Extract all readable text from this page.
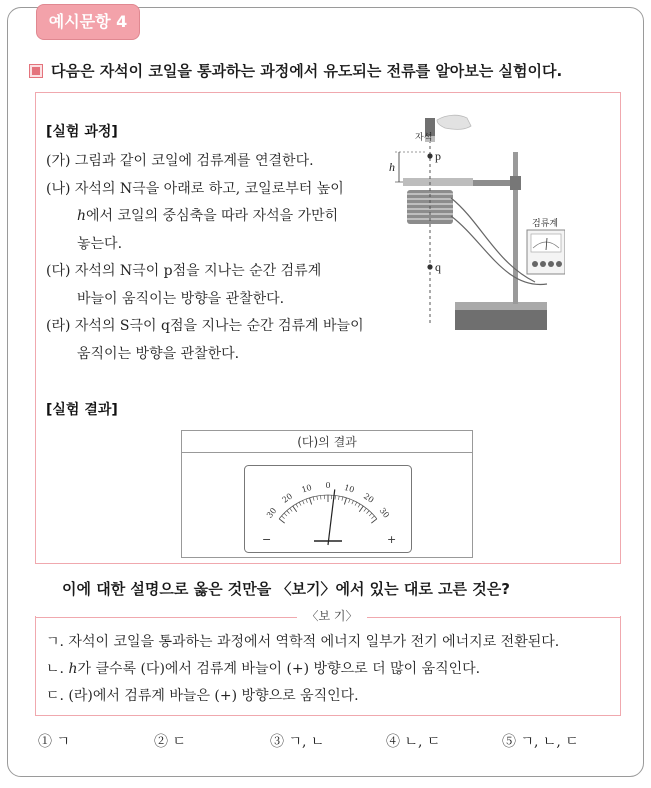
예시문항 4
다음은 자석이 코일을 통과하는 과정에서 유도되는 전류를 알아보는 실험이다.
[실험 과정]
(가) 그림과 같이 코일에 검류계를 연결한다.
(나) 자석의 N극을 아래로 하고, 코일로부터 높이
h에서 코일의 중심축을 따라 자석을 가만히
놓는다.
(다) 자석의 N극이 p점을 지나는 순간 검류계
바늘이 움직이는 방향을 관찰한다.
(라) 자석의 S극이 q점을 지나는 순간 검류계 바늘이
움직이는 방향을 관찰한다.
p
q
자석
h
검류계
[실험 결과]
(다)의 결과
30
20
10 0 10
20
30
−	+
이에 대한 설명으로 옳은 것만을 〈보기〉에서 있는 대로 고른 것은?
〈보 기〉
ㄱ. 자석이 코일을 통과하는 과정에서 역학적 에너지 일부가 전기 에너지로 전환된다.
ㄴ. h가 클수록 (다)에서 검류계 바늘이 (+) 방향으로 더 많이 움직인다.
ㄷ. (라)에서 검류계 바늘은 (+) 방향으로 움직인다.
① ㄱ	② ㄷ	③ ㄱ, ㄴ	④ ㄴ, ㄷ	⑤ ㄱ, ㄴ, ㄷ
